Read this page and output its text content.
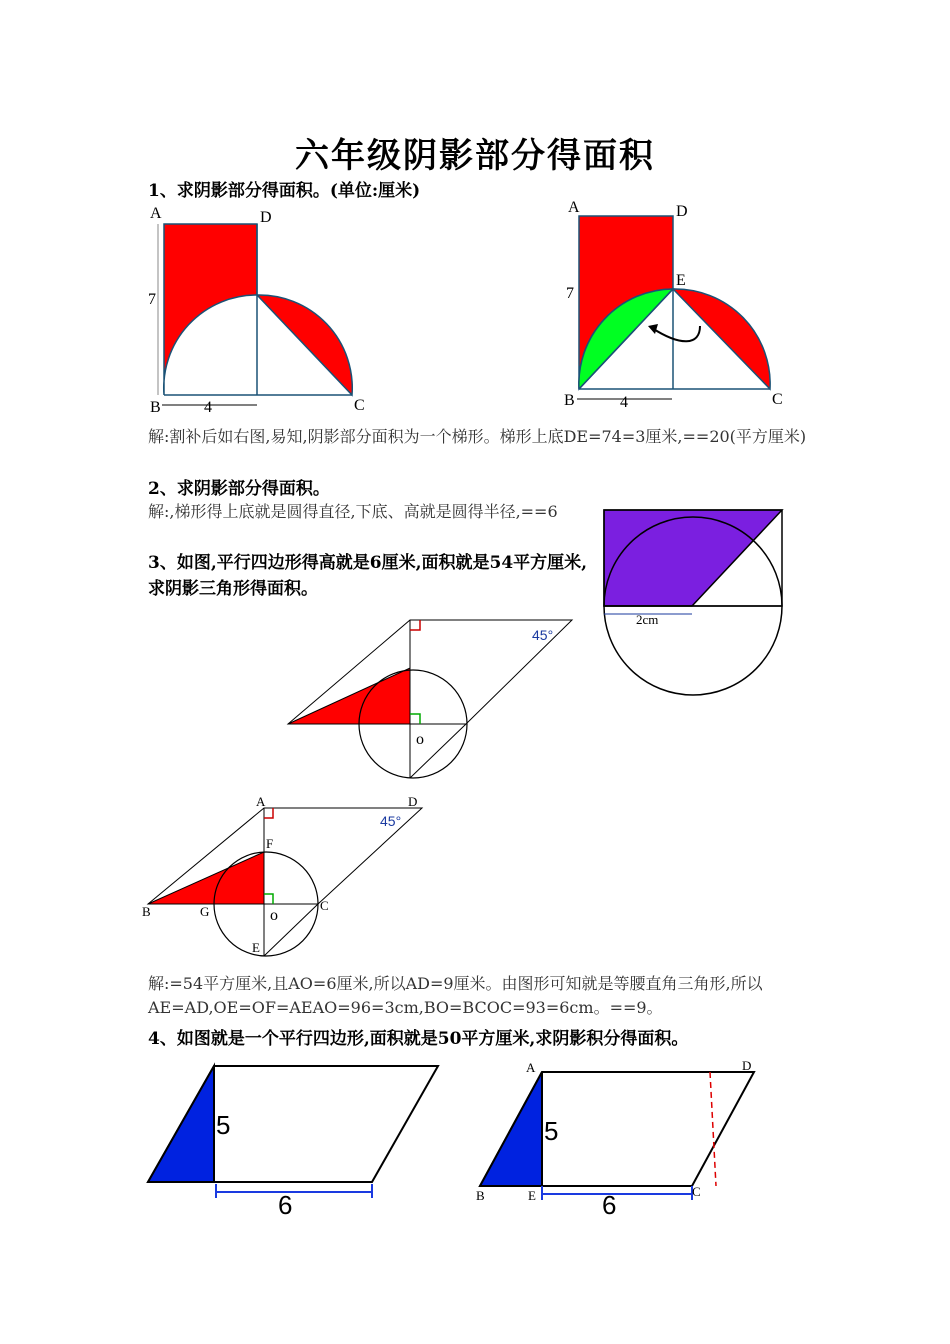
六年级阴影部分得面积
1、求阴影部分得面积。(单位:厘米)
A	D
7
B	4	C
A	D
E
7
B	4	C
解:割补后如右图,易知,阴影部分面积为一个梯形。梯形上底DE=74=3厘米,==20(平方厘米)
2、求阴影部分得面积。
解:,梯形得上底就是圆得直径,下底、高就是圆得半径,==6
2cm
3、如图,平行四边形得高就是6厘米,面积就是54平方厘米,求阴影三角形得面积。
45°
o
A	D
45°
F
B	G	C
o
E
解:=54平方厘米,且AO=6厘米,所以AD=9厘米。由图形可知就是等腰直角三角形,所以AE=AD,OE=OF=AEAO=96=3cm,BO=BCOC=93=6cm。==9。
4、如图就是一个平行四边形,面积就是50平方厘米,求阴影积分得面积。
5
6
A	D
5
B	E	C
6
